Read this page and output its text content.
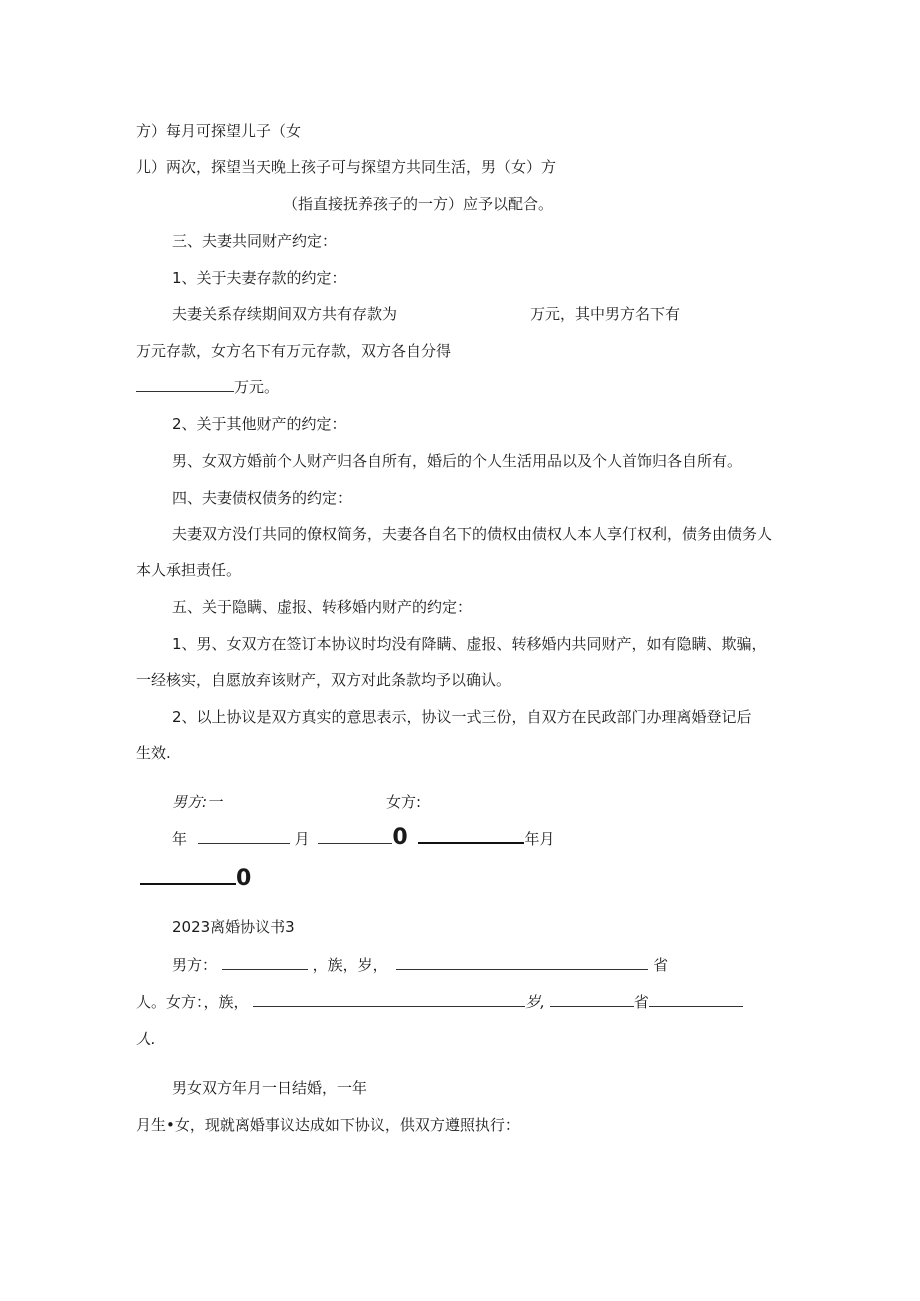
方）每月可探望儿子（女
儿）两次，探望当天晚上孩子可与探望方共同生活，男（女）方
（指直接抚养孩子的一方）应予以配合。
三、夫妻共同财产约定：
1、关于夫妻存款的约定：
夫妻关系存续期间双方共有存款为	万元，其中男方名下有
万元存款，女方名下有万元存款，双方各自分得
万元。
2、关于其他财产的约定：
男、女双方婚前个人财产归各自所有，婚后的个人生活用品以及个人首饰归各自所有。
四、夫妻债权债务的约定：
夫妻双方没仃共同的僚权简务，夫妻各自名下的债权由债权人本人享仃权利，债务由债务人
本人承担责任。
五、关于隐瞒、虚报、转移婚内财产的约定：
1、男、女双方在签订本协议时均没有降瞒、虚报、转移婚内共同财产，如有隐瞒、欺骗，
一经核实，自愿放弃该财产，双方对此条款均予以确认。
2、以上协议是双方真实的意思表示，协议一式三份，自双方在民政部门办理离婚登记后
生效.
男方:一	女方:
年	月	0	年月
0
2023离婚协议书3
男方：	，族，岁，	省
人。女方：，族，	岁,	省
人.
男女双方年月一日结婚，一年
月生•女，现就离婚事议达成如下协议，供双方遵照执行：
